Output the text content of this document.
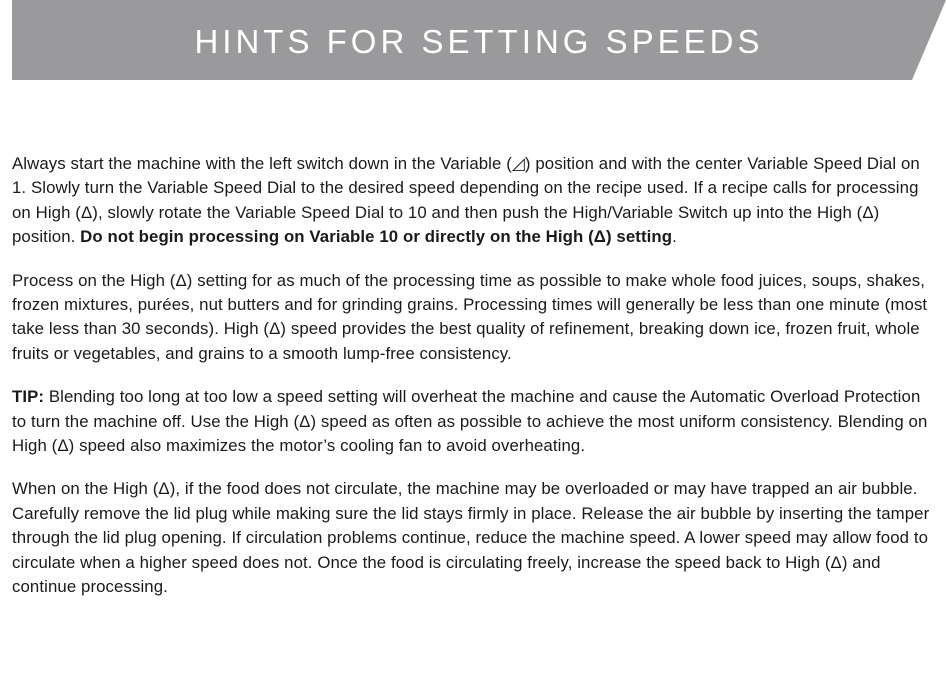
HINTS FOR SETTING SPEEDS

Always start the machine with the left switch down in the Variable (◿) position and with the center Variable Speed Dial on 1. Slowly turn the Variable Speed Dial to the desired speed depending on the recipe used. If a recipe calls for processing on High (Δ), slowly rotate the Variable Speed Dial to 10 and then push the High/Variable Switch up into the High (Δ) position. Do not begin processing on Variable 10 or directly on the High (Δ) setting.

Process on the High (Δ) setting for as much of the processing time as possible to make whole food juices, soups, shakes, frozen mixtures, purées, nut butters and for grinding grains. Processing times will generally be less than one minute (most take less than 30 seconds). High (Δ) speed provides the best quality of refinement, breaking down ice, frozen fruit, whole fruits or vegetables, and grains to a smooth lump-free consistency.

TIP: Blending too long at too low a speed setting will overheat the machine and cause the Automatic Overload Protection to turn the machine off. Use the High (Δ) speed as often as possible to achieve the most uniform consistency. Blending on High (Δ) speed also maximizes the motor’s cooling fan to avoid overheating.

When on the High (Δ), if the food does not circulate, the machine may be overloaded or may have trapped an air bubble. Carefully remove the lid plug while making sure the lid stays firmly in place. Release the air bubble by inserting the tamper through the lid plug opening. If circulation problems continue, reduce the machine speed. A lower speed may allow food to circulate when a higher speed does not. Once the food is circulating freely, increase the speed back to High (Δ) and continue processing.
